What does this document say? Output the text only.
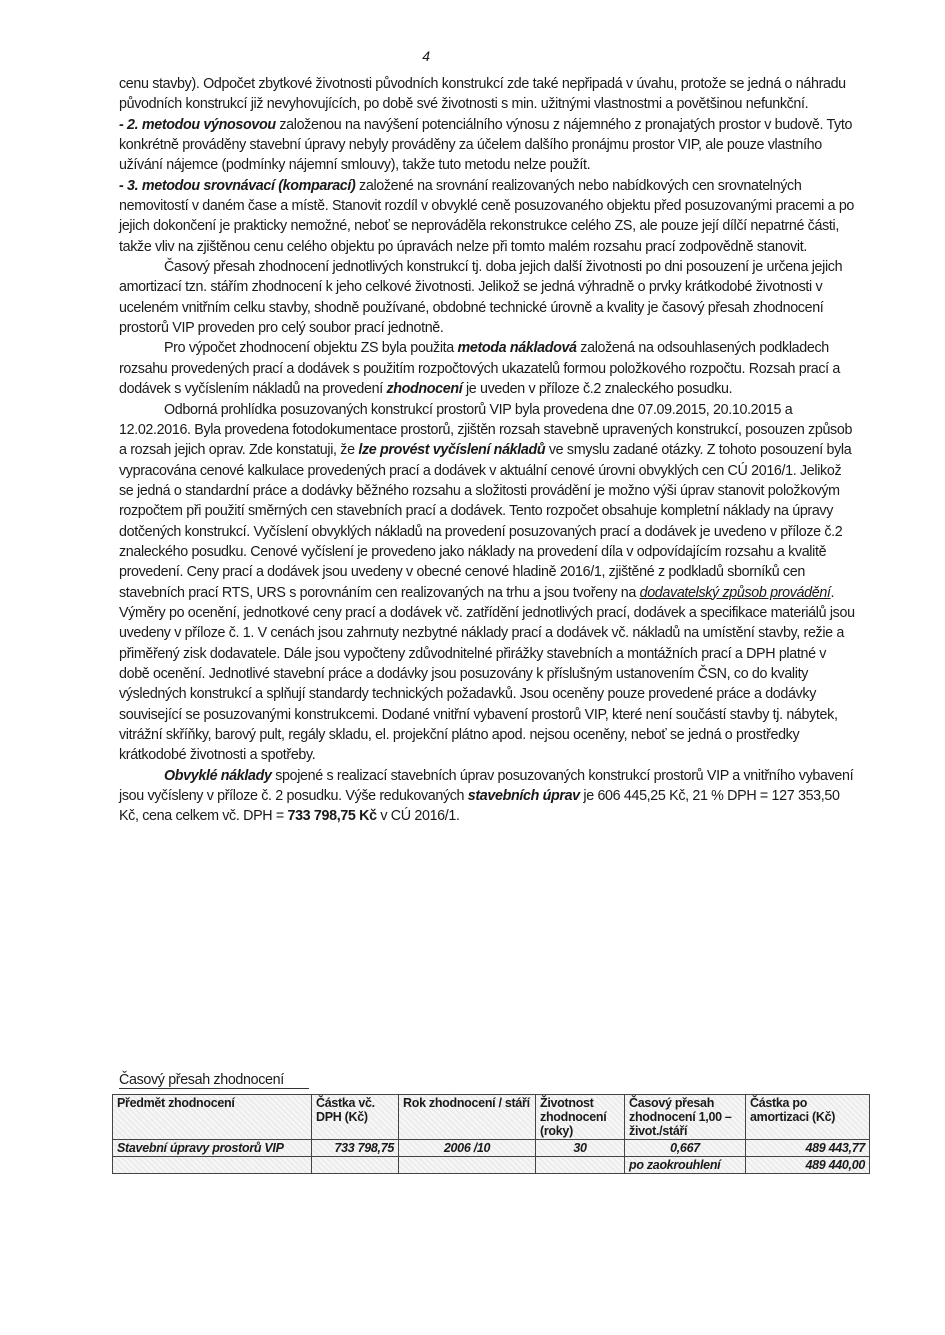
4

cenu stavby). Odpočet zbytkové životnosti původních konstrukcí zde také nepřipadá v úvahu, protože se jedná o náhradu původních konstrukcí již nevyhovujících, po době své životnosti s min. užitnými vlastnostmi a povětšinou nefunkční.

- 2. metodou výnosovou založenou na navýšení potenciálního výnosu z nájemného z pronajatých prostor v budově. Tyto konkrétně prováděny stavební úpravy nebyly prováděny za účelem dalšího pronájmu prostor VIP, ale pouze vlastního užívání nájemce (podmínky nájemní smlouvy), takže tuto metodu nelze použít.

- 3. metodou srovnávací (komparací) založené na srovnání realizovaných nebo nabídkových cen srovnatelných nemovitostí v daném čase a místě. Stanovit rozdíl v obvyklé ceně posuzovaného objektu před posuzovanými pracemi a po jejich dokončení je prakticky nemožné, neboť se neprováděla rekonstrukce celého ZS, ale pouze její dílčí nepatrné části, takže vliv na zjištěnou cenu celého objektu po úpravách nelze při tomto malém rozsahu prací zodpovědně stanovit.

Časový přesah zhodnocení jednotlivých konstrukcí tj. doba jejich další životnosti po dni posouzení je určena jejich amortizací tzn. stářím zhodnocení k jeho celkové životnosti. Jelikož se jedná výhradně o prvky krátkodobé životnosti v uceleném vnitřním celku stavby, shodně používané, obdobné technické úrovně a kvality je časový přesah zhodnocení prostorů VIP proveden pro celý soubor prací jednotně.

Pro výpočet zhodnocení objektu ZS byla použita metoda nákladová založená na odsouhlasených podkladech rozsahu provedených prací a dodávek s použitím rozpočtových ukazatelů formou položkového rozpočtu. Rozsah prací a dodávek s vyčíslením nákladů na provedení zhodnocení je uveden v příloze č.2 znaleckého posudku.

Odborná prohlídka posuzovaných konstrukcí prostorů VIP byla provedena dne 07.09.2015, 20.10.2015 a 12.02.2016. Byla provedena fotodokumentace prostorů, zjištěn rozsah stavebně upravených konstrukcí, posouzen způsob a rozsah jejich oprav. Zde konstatuji, že lze provést vyčíslení nákladů ve smyslu zadané otázky. Z tohoto posouzení byla vypracována cenové kalkulace provedených prací a dodávek v aktuální cenové úrovni obvyklých cen CÚ 2016/1. Jelikož se jedná o standardní práce a dodávky běžného rozsahu a složitosti provádění je možno výši úprav stanovit položkovým rozpočtem při použití směrných cen stavebních prací a dodávek. Tento rozpočet obsahuje kompletní náklady na úpravy dotčených konstrukcí. Vyčíslení obvyklých nákladů na provedení posuzovaných prací a dodávek je uvedeno v příloze č.2 znaleckého posudku. Cenové vyčíslení je provedeno jako náklady na provedení díla v odpovídajícím rozsahu a kvalitě provedení. Ceny prací a dodávek jsou uvedeny v obecné cenové hladině 2016/1, zjištěné z podkladů sborníků cen stavebních prací RTS, URS s porovnáním cen realizovaných na trhu a jsou tvořeny na dodavatelský způsob provádění. Výměry po ocenění, jednotkové ceny prací a dodávek vč. zatřídění jednotlivých prací, dodávek a specifikace materiálů jsou uvedeny v příloze č. 1. V cenách jsou zahrnuty nezbytné náklady prací a dodávek vč. nákladů na umístění stavby, režie a přiměřený zisk dodavatele. Dále jsou vypočteny zdůvodnitelné přirážky stavebních a montážních prací a DPH platné v době ocenění. Jednotlivé stavební práce a dodávky jsou posuzovány k příslušným ustanovením ČSN, co do kvality výsledných konstrukcí a splňují standardy technických požadavků. Jsou oceněny pouze provedené práce a dodávky související se posuzovanými konstrukcemi. Dodané vnitřní vybavení prostorů VIP, které není součástí stavby tj. nábytek, vitrážní skříňky, barový pult, regály skladu, el. projekční plátno apod. nejsou oceněny, neboť se jedná o prostředky krátkodobé životnosti a spotřeby.

Obvyklé náklady spojené s realizací stavebních úprav posuzovaných konstrukcí prostorů VIP a vnitřního vybavení jsou vyčísleny v příloze č. 2 posudku. Výše redukovaných stavebních úprav je 606 445,25 Kč, 21 % DPH = 127 353,50 Kč, cena celkem vč. DPH = 733 798,75 Kč v CÚ 2016/1.

Časový přesah zhodnocení
Předmět zhodnocení	Částka vč. DPH (Kč)	Rok zhodnocení / stáří	Životnost zhodnocení (roky)	Časový přesah zhodnocení 1,00 –život./stáří	Částka po amortizaci (Kč)
Stavební úpravy prostorů VIP	733 798,75	2006 /10	30	0,667	489 443,77
				po zaokrouhlení	489 440,00
